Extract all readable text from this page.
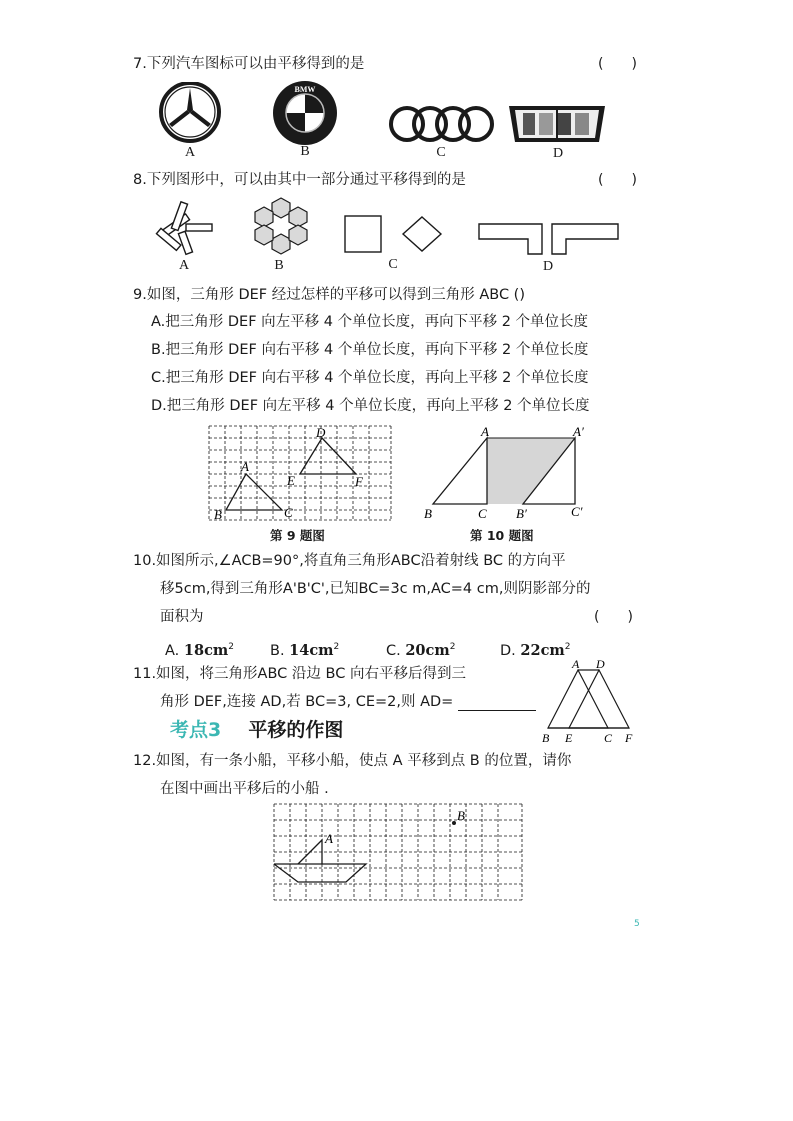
7.下列汽车图标可以由平移得到的是	(　　)
A
BMW
B	C	D
8.下列图形中，可以由其中一部分通过平移得到的是	(　　)
A	B	C	D
9.如图，三角形 DEF 经过怎样的平移可以得到三角形 ABC ()
A.把三角形 DEF 向左平移 4 个单位长度，再向下平移 2 个单位长度
B.把三角形 DEF 向右平移 4 个单位长度，再向下平移 2 个单位长度
C.把三角形 DEF 向右平移 4 个单位长度，再向上平移 2 个单位长度
D.把三角形 DEF 向左平移 4 个单位长度，再向上平移 2 个单位长度
A
B	C
D
E	F
第 9 题图
A
B	C
A′
B′	C′
第 10 题图
10.如图所示,∠ACB=90°,将直角三角形ABC沿着射线 BC 的方向平
移5cm,得到三角形A'B'C',已知BC=3c m,AC=4 cm,则阴影部分的
面积为	(　　)
A. $18cm^2$ B. $14cm^2$	C. $20cm^2$	D. $22cm^2$
11.如图，将三角形ABC 沿边 BC 向右平移后得到三
角形 DEF,连接 AD,若 BC=3, CE=2,则 AD=
A D
B E	C F
考点3 平移的作图
12.如图，有一条小船，平移小船，使点 A 平移到点 B 的位置，请你
在图中画出平移后的小船 .
A
B
5
